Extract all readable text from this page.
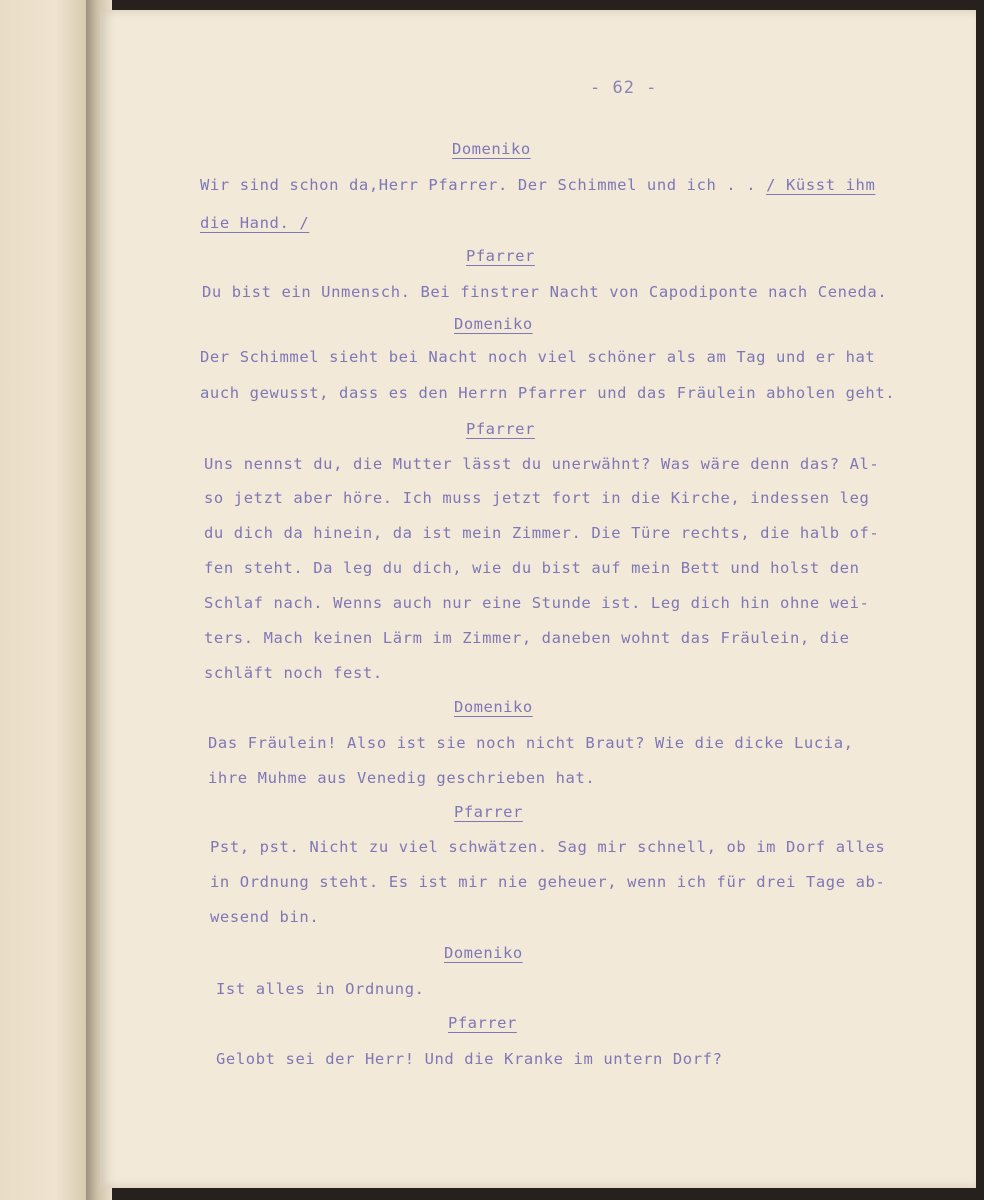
- 62 -

Domeniko

Wir sind schon da,Herr Pfarrer. Der Schimmel und ich . . / Küsst ihm

die Hand. /

Pfarrer

Du bist ein Unmensch. Bei finstrer Nacht von Capodiponte nach Ceneda.

Domeniko

Der Schimmel sieht bei Nacht noch viel schöner als am Tag und er hat

auch gewusst, dass es den Herrn Pfarrer und das Fräulein abholen geht.

Pfarrer

Uns nennst du, die Mutter lässt du unerwähnt? Was wäre denn das? Al-

so jetzt aber höre. Ich muss jetzt fort in die Kirche, indessen leg

du dich da hinein, da ist mein Zimmer. Die Türe rechts, die halb of-

fen steht. Da leg du dich, wie du bist auf mein Bett und holst den

Schlaf nach. Wenns auch nur eine Stunde ist. Leg dich hin ohne wei-

ters. Mach keinen Lärm im Zimmer, daneben wohnt das Fräulein, die

schläft noch fest.

Domeniko

Das Fräulein! Also ist sie noch nicht Braut? Wie die dicke Lucia,

ihre Muhme aus Venedig geschrieben hat.

Pfarrer

Pst, pst. Nicht zu viel schwätzen. Sag mir schnell, ob im Dorf alles

in Ordnung steht. Es ist mir nie geheuer, wenn ich für drei Tage ab-

wesend bin.

Domeniko

Ist alles in Ordnung.

Pfarrer

Gelobt sei der Herr! Und die Kranke im untern Dorf?
